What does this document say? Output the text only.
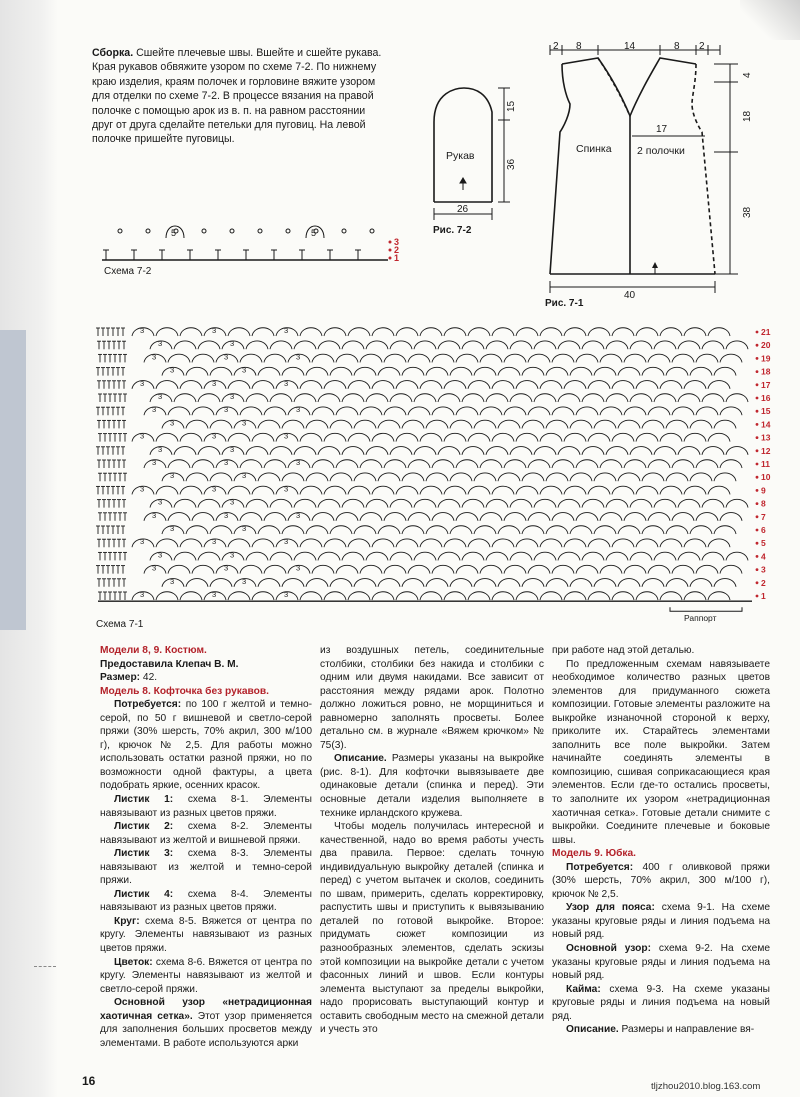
Сборка. Сшейте плечевые швы. Вшейте и сшейте рукава. Края рукавов обвяжите узором по схеме 7-2. По нижнему краю изделия, краям полочек и горловине вяжите узором для отделки по схеме 7-2. В процессе вязания на правой полочке с помощью арок из в. п. на равном расстоянии друг от друга сделайте петельки для пуговиц. На левой полочке пришейте пуговицы.
Рукав
26
36
15
Рис. 7-2
2 8	14	8 2
4
18
38
Спинка 2 полочки
17
40
Рис. 7-1
5	5
3
2
1
Схема 7-2
3	3	3	21
3	3	20
3	3	3	19
3	3	18
3	3	3	17
3	3	16
3	3	3	15
3	3	14
3	3	3	13
3	3	12
3	3	3	11
3	3	10
3	3	3	9
3	3	8
3	3	3	7
3	3	6
3	3	3	5
3	3	4
3	3	3	3
3	3	2
3	3	3	1
Раппорт
Схема 7-1

Модели 8, 9. Костюм.

Предоставила Клепач В. М.

Размер: 42.

Модель 8. Кофточка без рукавов.

Потребуется: по 100 г желтой и темно-серой, по 50 г вишневой и светло-серой пряжи (30% шерсть, 70% акрил, 300 м/100 г), крючок № 2,5. Для работы можно использовать остатки разной пряжи, но по возможности одной фактуры, а цвета подобрать яркие, осенних красок.

Листик 1: схема 8-1. Элементы навязывают из разных цветов пряжи.

Листик 2: схема 8-2. Элементы навязывают из желтой и вишневой пряжи.

Листик 3: схема 8-3. Элементы навязывают из желтой и темно-серой пряжи.

Листик 4: схема 8-4. Элементы навязывают из разных цветов пряжи.

Круг: схема 8-5. Вяжется от центра по кругу. Элементы навязывают из разных цветов пряжи.

Цветок: схема 8-6. Вяжется от центра по кругу. Элементы навязывают из желтой и светло-серой пряжи.

Основной узор «нетрадиционная хаотичная сетка». Этот узор применяется для заполнения больших просветов между элементами. В работе используются арки

из воздушных петель, соединительные столбики, столбики без накида и столбики с одним или двумя накидами. Все зависит от расстояния между рядами арок. Полотно должно ложиться ровно, не морщиниться и равномерно заполнять просветы. Более детально см. в журнале «Вяжем крючком» № 75(3).

Описание. Размеры указаны на выкройке (рис. 8-1). Для кофточки вывязываете две одинаковые детали (спинка и перед). Эти основные детали изделия выполняете в технике ирландского кружева.

Чтобы модель получилась интересной и качественной, надо во время работы учесть два правила. Первое: сделать точную индивидуальную выкройку деталей (спинка и перед) с учетом вытачек и сколов, соединить по швам, примерить, сделать корректировку, распустить швы и приступить к вывязыванию деталей по готовой выкройке. Второе: придумать сюжет композиции из разнообразных элементов, сделать эскизы этой композиции на выкройке детали с учетом фасонных линий и швов. Если контуры элемента выступают за пределы выкройки, надо прорисовать выступающий контур и оставить свободным место на смежной детали и учесть это

при работе над этой деталью.

По предложенным схемам навязываете необходимое количество разных цветов элементов для придуманного сюжета композиции. Готовые элементы разложите на выкройке изнаночной стороной к верху, приколите их. Старайтесь элементами заполнить все поле выкройки. Затем начинайте соединять элементы в композицию, сшивая соприкасающиеся края элементов. Если где-то остались просветы, то заполните их узором «нетрадиционная хаотичная сетка». Готовые детали снимите с выкройки. Соедините плечевые и боковые швы.

Модель 9. Юбка.

Потребуется: 400 г оливковой пряжи (30% шерсть, 70% акрил, 300 м/100 г), крючок № 2,5.

Узор для пояса: схема 9-1. На схеме указаны круговые ряды и линия подъема на новый ряд.

Основной узор: схема 9-2. На схеме указаны круговые ряды и линия подъема на новый ряд.

Кайма: схема 9-3. На схеме указаны круговые ряды и линия подъема на новый ряд.

Описание. Размеры и направление вя-

16	tljzhou2010.blog.163.com
